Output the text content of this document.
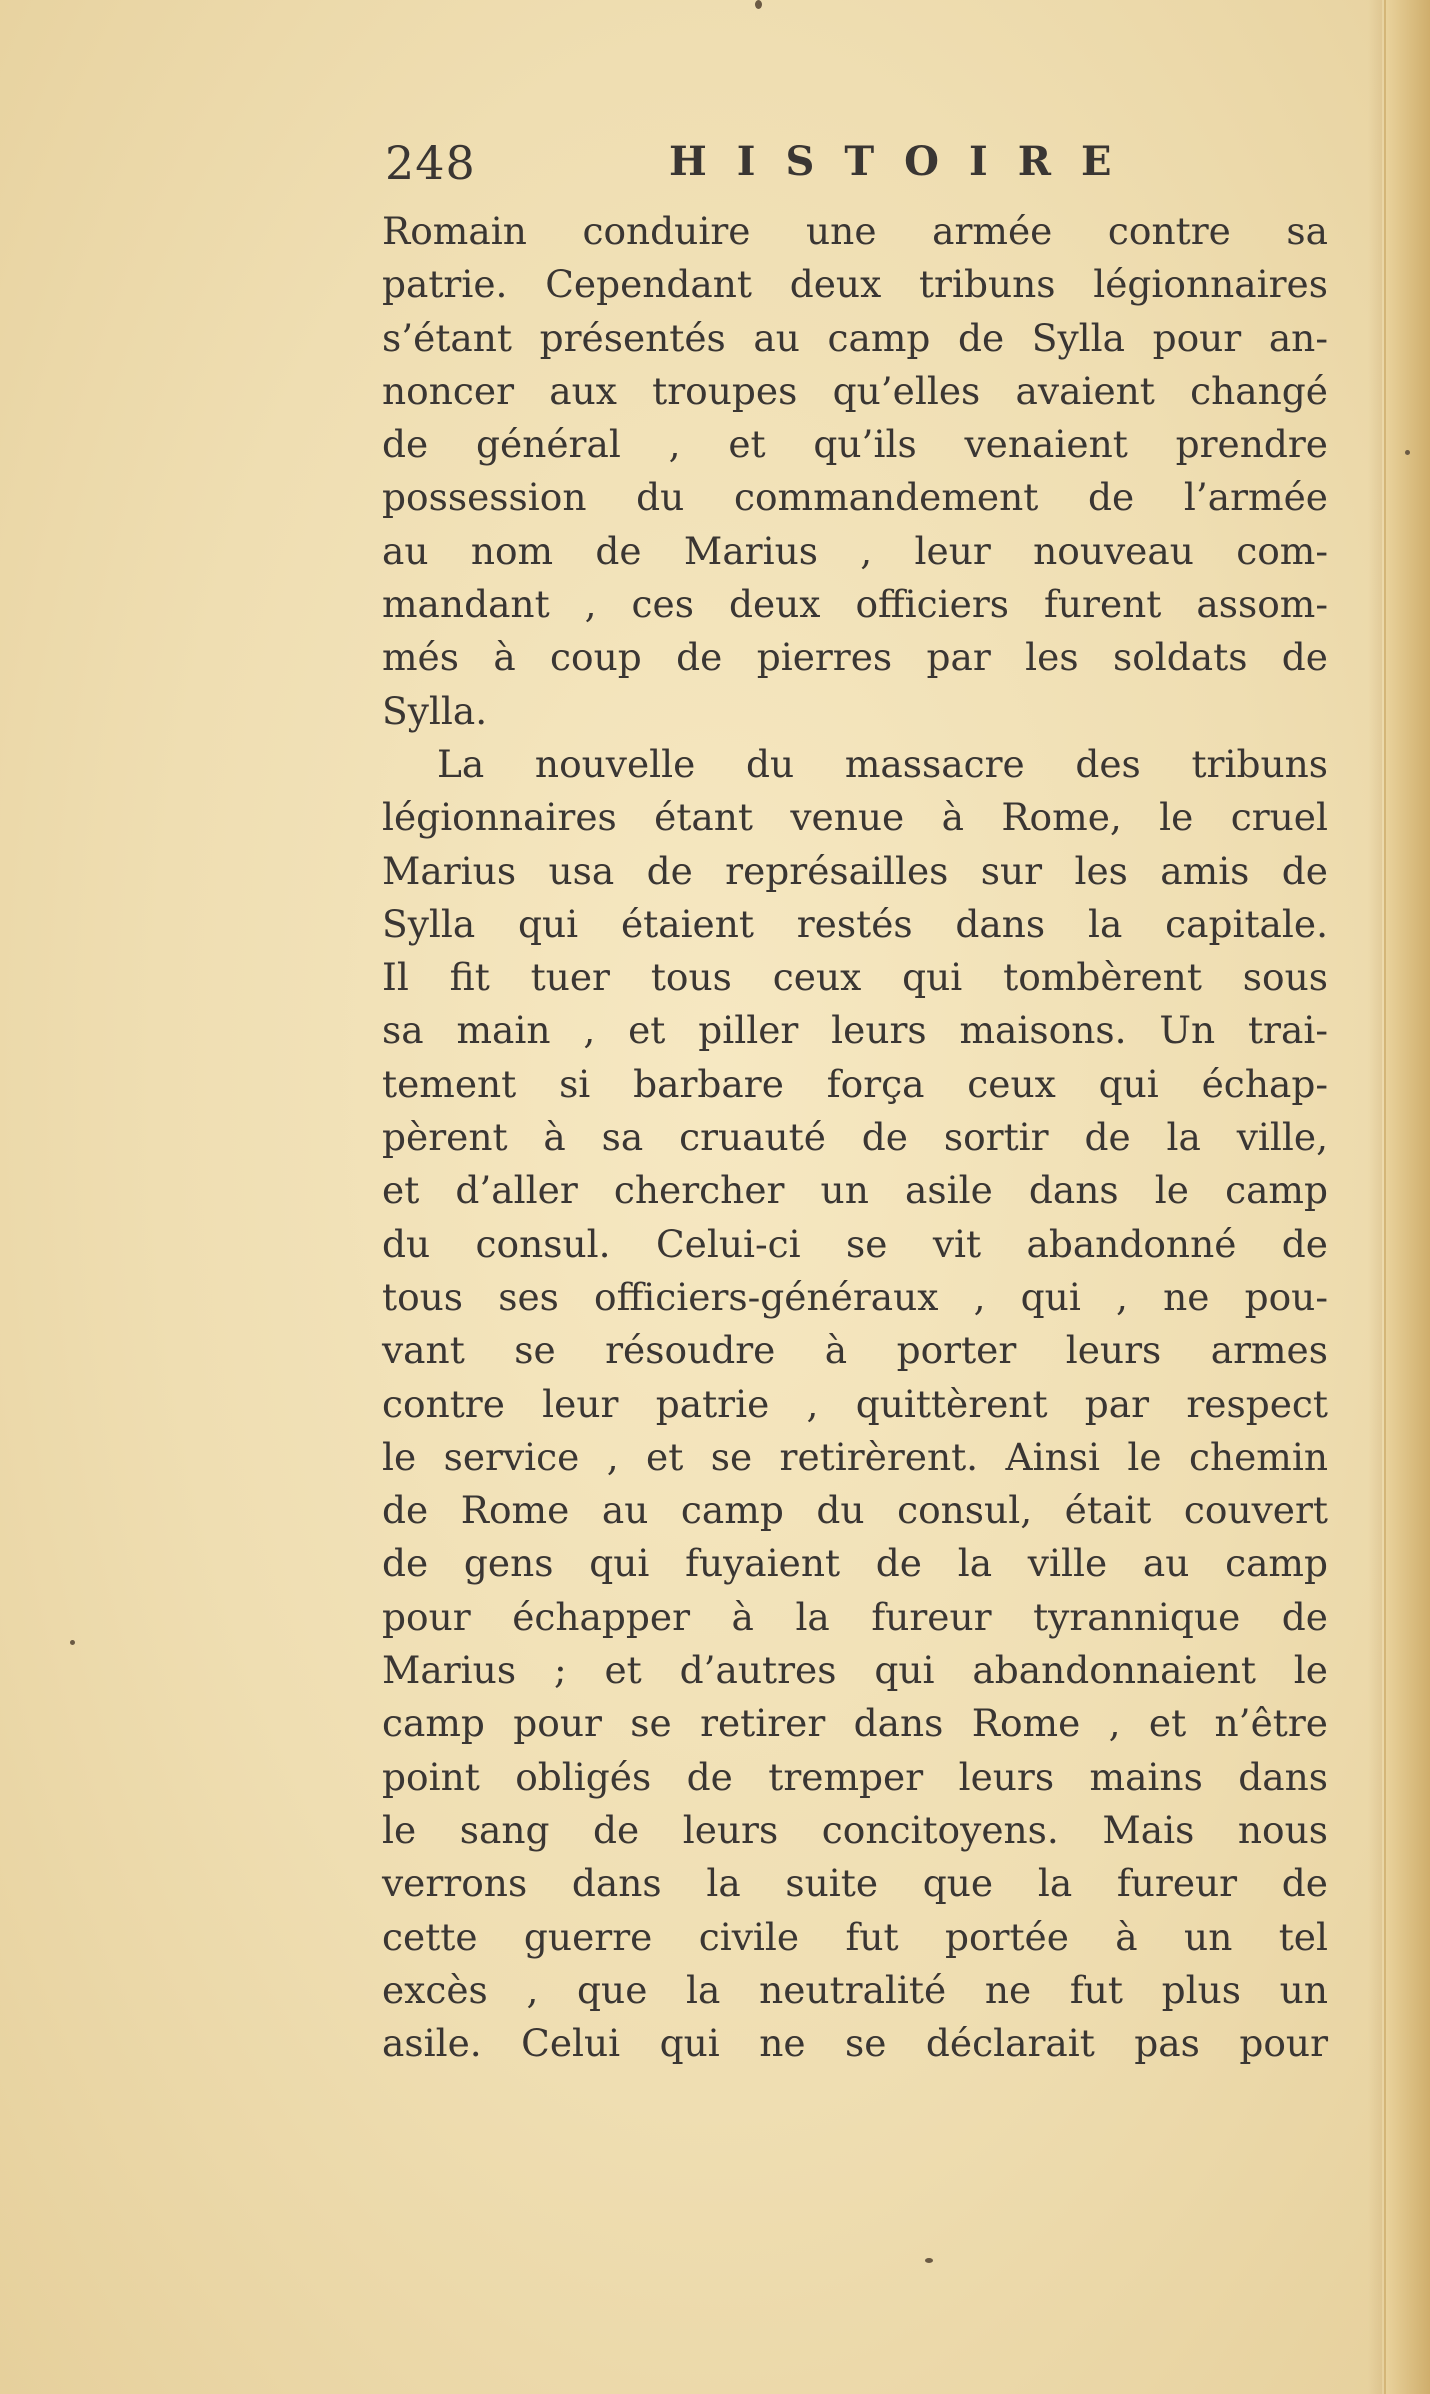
248	HISTOIRE
Romain conduire une armée contre sa
patrie. Cependant deux tribuns légionnaires
s’étant présentés au camp de Sylla pour an-
noncer aux troupes qu’elles avaient changé
de général , et qu’ils venaient prendre
possession du commandement de l’armée
au nom de Marius , leur nouveau com-
mandant , ces deux officiers furent assom-
més à coup de pierres par les soldats de
Sylla.
La nouvelle du massacre des tribuns
légionnaires étant venue à Rome, le cruel
Marius usa de représailles sur les amis de
Sylla qui étaient restés dans la capitale.
Il fit tuer tous ceux qui tombèrent sous
sa main , et piller leurs maisons. Un trai-
tement si barbare força ceux qui échap-
pèrent à sa cruauté de sortir de la ville,
et d’aller chercher un asile dans le camp
du consul. Celui-ci se vit abandonné de
tous ses officiers-généraux , qui , ne pou-
vant se résoudre à porter leurs armes
contre leur patrie , quittèrent par respect
le service , et se retirèrent. Ainsi le chemin
de Rome au camp du consul, était couvert
de gens qui fuyaient de la ville au camp
pour échapper à la fureur tyrannique de
Marius ; et d’autres qui abandonnaient le
camp pour se retirer dans Rome , et n’être
point obligés de tremper leurs mains dans
le sang de leurs concitoyens. Mais nous
verrons dans la suite que la fureur de
cette guerre civile fut portée à un tel
excès , que la neutralité ne fut plus un
asile. Celui qui ne se déclarait pas pour
